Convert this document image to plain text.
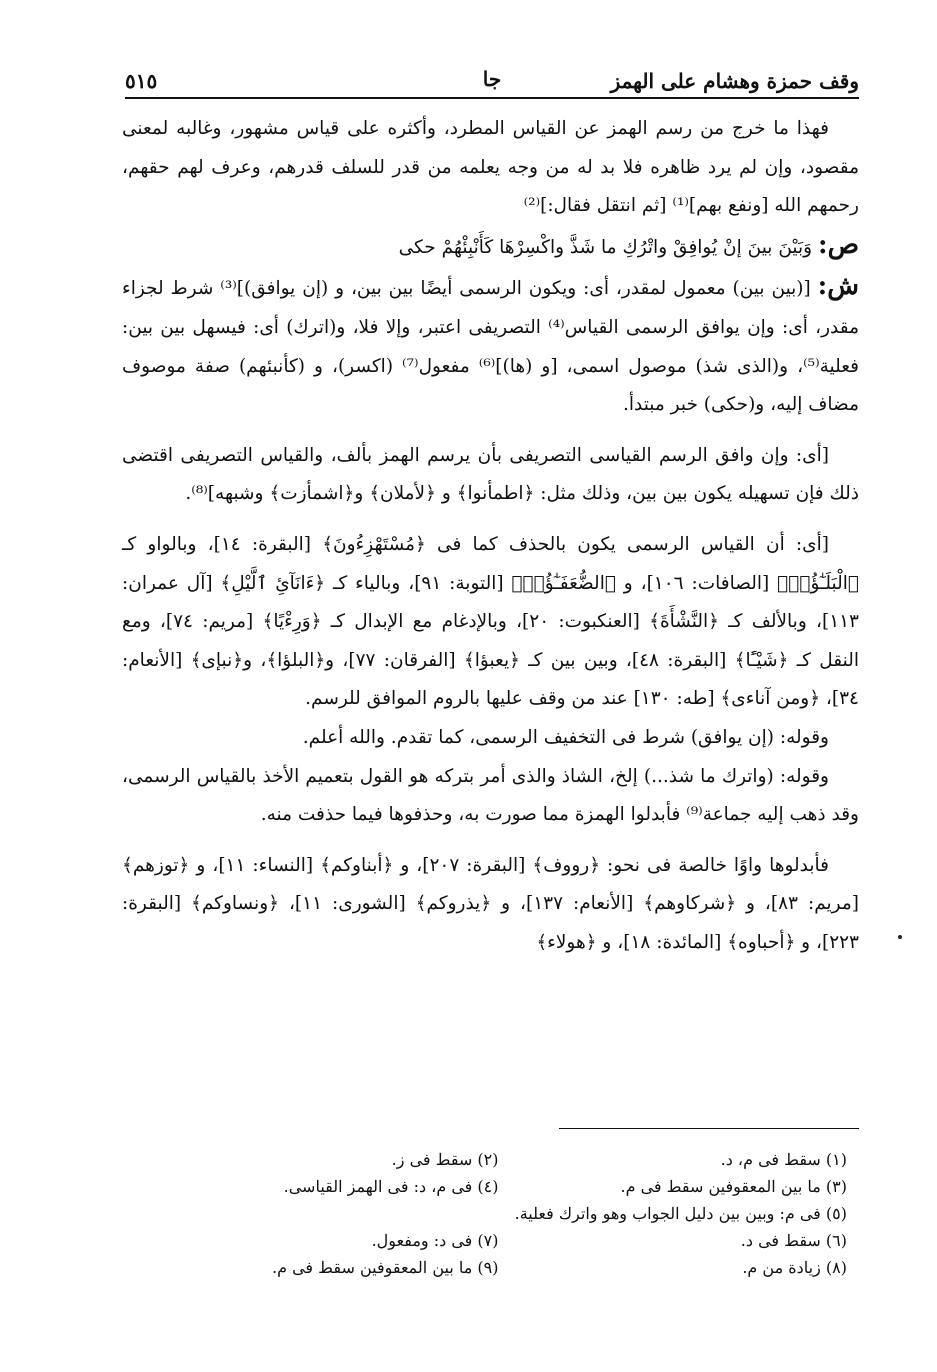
وقف حمزة وهشام على الهمز
جا
٥١٥

فهذا ما خرج من رسم الهمز عن القياس المطرد، وأكثره على قياس مشهور، وغالبه لمعنى مقصود، وإن لم يرد ظاهره فلا بد له من وجه يعلمه من قدر للسلف قدرهم، وعرف لهم حقهم، رحمهم الله [ونفع بهم]⁽¹⁾ [ثم انتقل فقال:]⁽²⁾

ص: وَبَيْنَ بينَ إنْ يُوافِقْ واتْرُكِ ما شَذَّ واكْسِرْهَا كَأَنْبِئْهُمْ حكى

ش: [(بين بين) معمول لمقدر، أى: ويكون الرسمى أيضًا بين بين، و (إن يوافق)]⁽³⁾ شرط لجزاء مقدر، أى: وإن يوافق الرسمى القياس⁽⁴⁾ التصريفى اعتبر، وإلا فلا، و(اترك) أى: فيسهل بين بين: فعلية⁽⁵⁾، و(الذى شذ) موصول اسمى، [و (ها)]⁽⁶⁾ مفعول⁽⁷⁾ (اكسر)، و (كأنبئهم) صفة موصوف مضاف إليه، و(حكى) خبر مبتدأ.

[أى: وإن وافق الرسم القياسى التصريفى بأن يرسم الهمز بألف، والقياس التصريفى اقتضى ذلك فإن تسهيله يكون بين بين، وذلك مثل: ﴿اطمأنوا﴾ و ﴿لأملان﴾ و﴿اشمأزت﴾ وشبهه]⁽⁸⁾.

[أى: أن القياس الرسمى يكون بالحذف كما فى ﴿مُسْتَهْزِءُونَ﴾ [البقرة: ١٤]، وبالواو كـ ﴿الْبَلَـٰٓؤُا۟﴾ [الصافات: ١٠٦]، و ﴿الضُّعَفَـٰٓؤُا۟﴾ [التوبة: ٩١]، وبالياء كـ ﴿ءَانَآئِ ٱلَّيْلِ﴾ [آل عمران: ١١٣]، وبالألف كـ ﴿النَّشْأَةَ﴾ [العنكبوت: ٢٠]، وبالإدغام مع الإبدال كـ ﴿وَرِءْيًا﴾ [مريم: ٧٤]، ومع النقل كـ ﴿شَيْـًٔا﴾ [البقرة: ٤٨]، وبين بين كـ ﴿يعبؤا﴾ [الفرقان: ٧٧]، و﴿البلؤا﴾، و﴿نبإى﴾ [الأنعام: ٣٤]، ﴿ومن آناءى﴾ [طه: ١٣٠] عند من وقف عليها بالروم الموافق للرسم.

وقوله: (إن يوافق) شرط فى التخفيف الرسمى، كما تقدم. والله أعلم.

وقوله: (واترك ما شذ...) إلخ، الشاذ والذى أمر بتركه هو القول بتعميم الأخذ بالقياس الرسمى، وقد ذهب إليه جماعة⁽⁹⁾ فأبدلوا الهمزة مما صورت به، وحذفوها فيما حذفت منه.

فأبدلوها واوًا خالصة فى نحو: ﴿رووف﴾ [البقرة: ٢٠٧]، و ﴿أبناوكم﴾ [النساء: ١١]، و ﴿توزهم﴾ [مريم: ٨٣]، و ﴿شركاوهم﴾ [الأنعام: ١٣٧]، و ﴿يذروكم﴾ [الشورى: ١١]، ﴿ونساوكم﴾ [البقرة: ٢٢٣]، و ﴿أحباوه﴾ [المائدة: ١٨]، و ﴿هولاء﴾

(١) سقط فى م، د.
(٢) سقط فى ز.
(٣) ما بين المعقوفين سقط فى م.
(٤) فى م، د: فى الهمز القياسى.
(٥) فى م: وبين بين دليل الجواب وهو واترك فعلية.
(٦) سقط فى د.
(٧) فى د: ومفعول.
(٨) زيادة من م.
(٩) ما بين المعقوفين سقط فى م.
